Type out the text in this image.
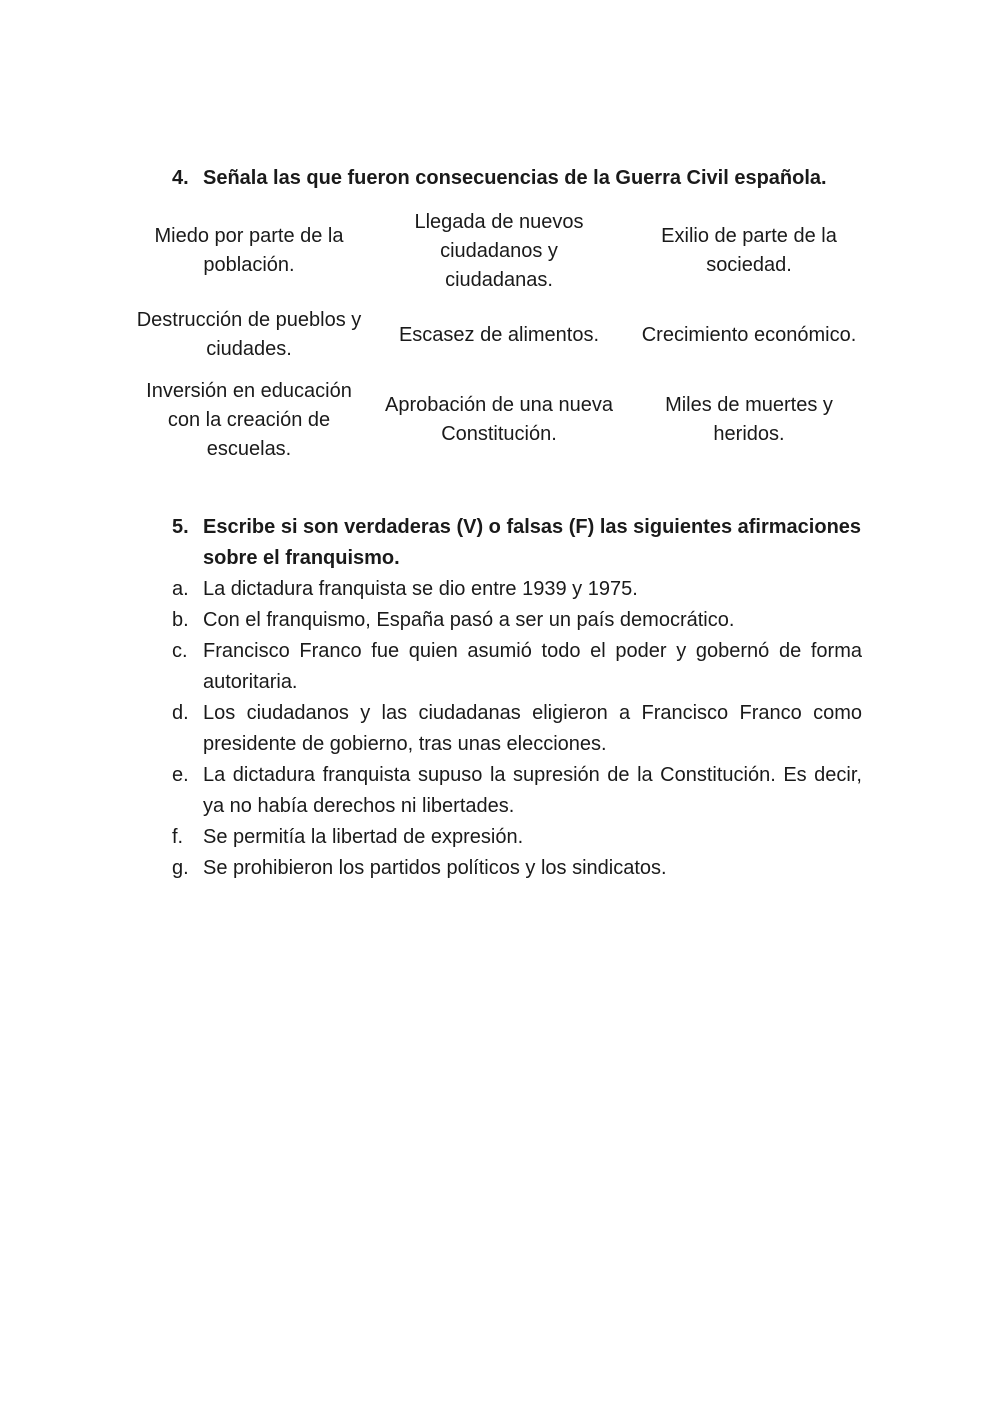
4. Señala las que fueron consecuencias de la Guerra Civil española.
Miedo por parte de la población.
Llegada de nuevos ciudadanos y ciudadanas.
Exilio de parte de la sociedad.
Destrucción de pueblos y ciudades.
Escasez de alimentos.	Crecimiento económico.
Inversión en educación con la creación de escuelas.
Aprobación de una nueva Constitución.
Miles de muertes y heridos.
5. Escribe si son verdaderas (V) o falsas (F) las siguientes afirmaciones sobre el franquismo.
a. La dictadura franquista se dio entre 1939 y 1975.
b. Con el franquismo, España pasó a ser un país democrático.
c. Francisco Franco fue quien asumió todo el poder y gobernó de forma autoritaria.
d. Los ciudadanos y las ciudadanas eligieron a Francisco Franco como presidente de gobierno, tras unas elecciones.
e. La dictadura franquista supuso la supresión de la Constitución. Es decir, ya no había derechos ni libertades.
f. Se permitía la libertad de expresión.
g. Se prohibieron los partidos políticos y los sindicatos.
